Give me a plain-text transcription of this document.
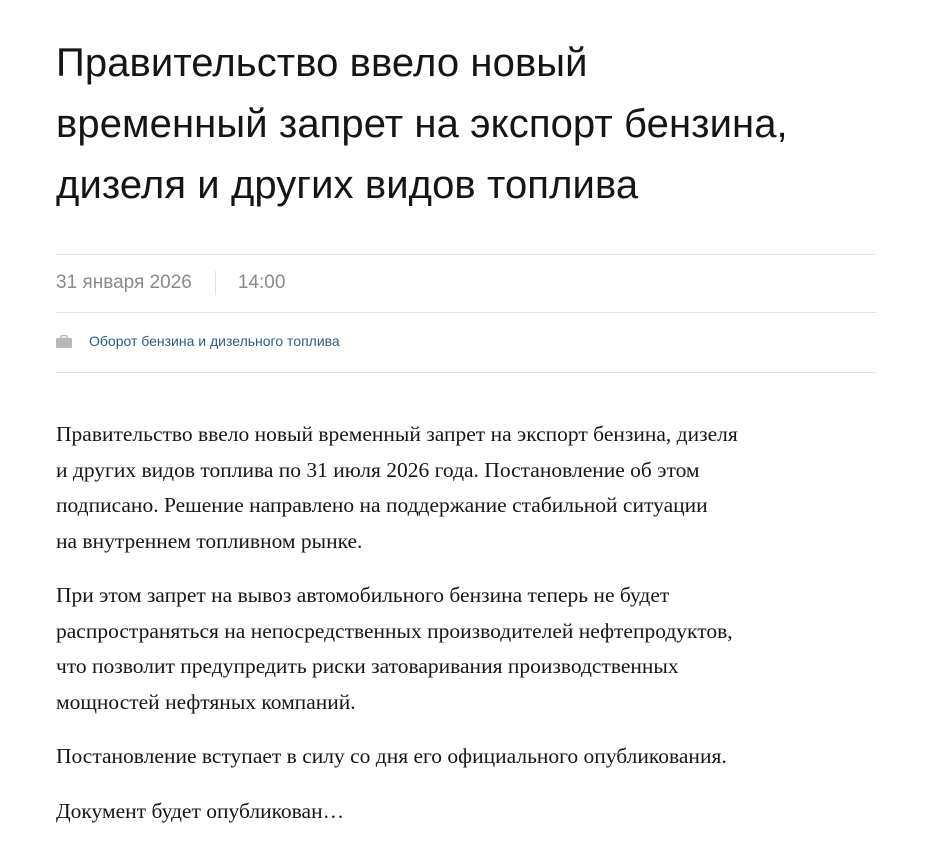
Правительство ввело новый
временный запрет на экспорт бензина,
дизеля и других видов топлива
31 января 2026 14:00
Оборот бензина и дизельного топлива

Правительство ввело новый временный запрет на экспорт бензина, дизеля
и других видов топлива по 31 июля 2026 года. Постановление об этом
подписано. Решение направлено на поддержание стабильной ситуации
на внутреннем топливном рынке.

При этом запрет на вывоз автомобильного бензина теперь не будет
распространяться на непосредственных производителей нефтепродуктов,
что позволит предупредить риски затоваривания производственных
мощностей нефтяных компаний.

Постановление вступает в силу со дня его официального опубликования.

Документ будет опубликован…
